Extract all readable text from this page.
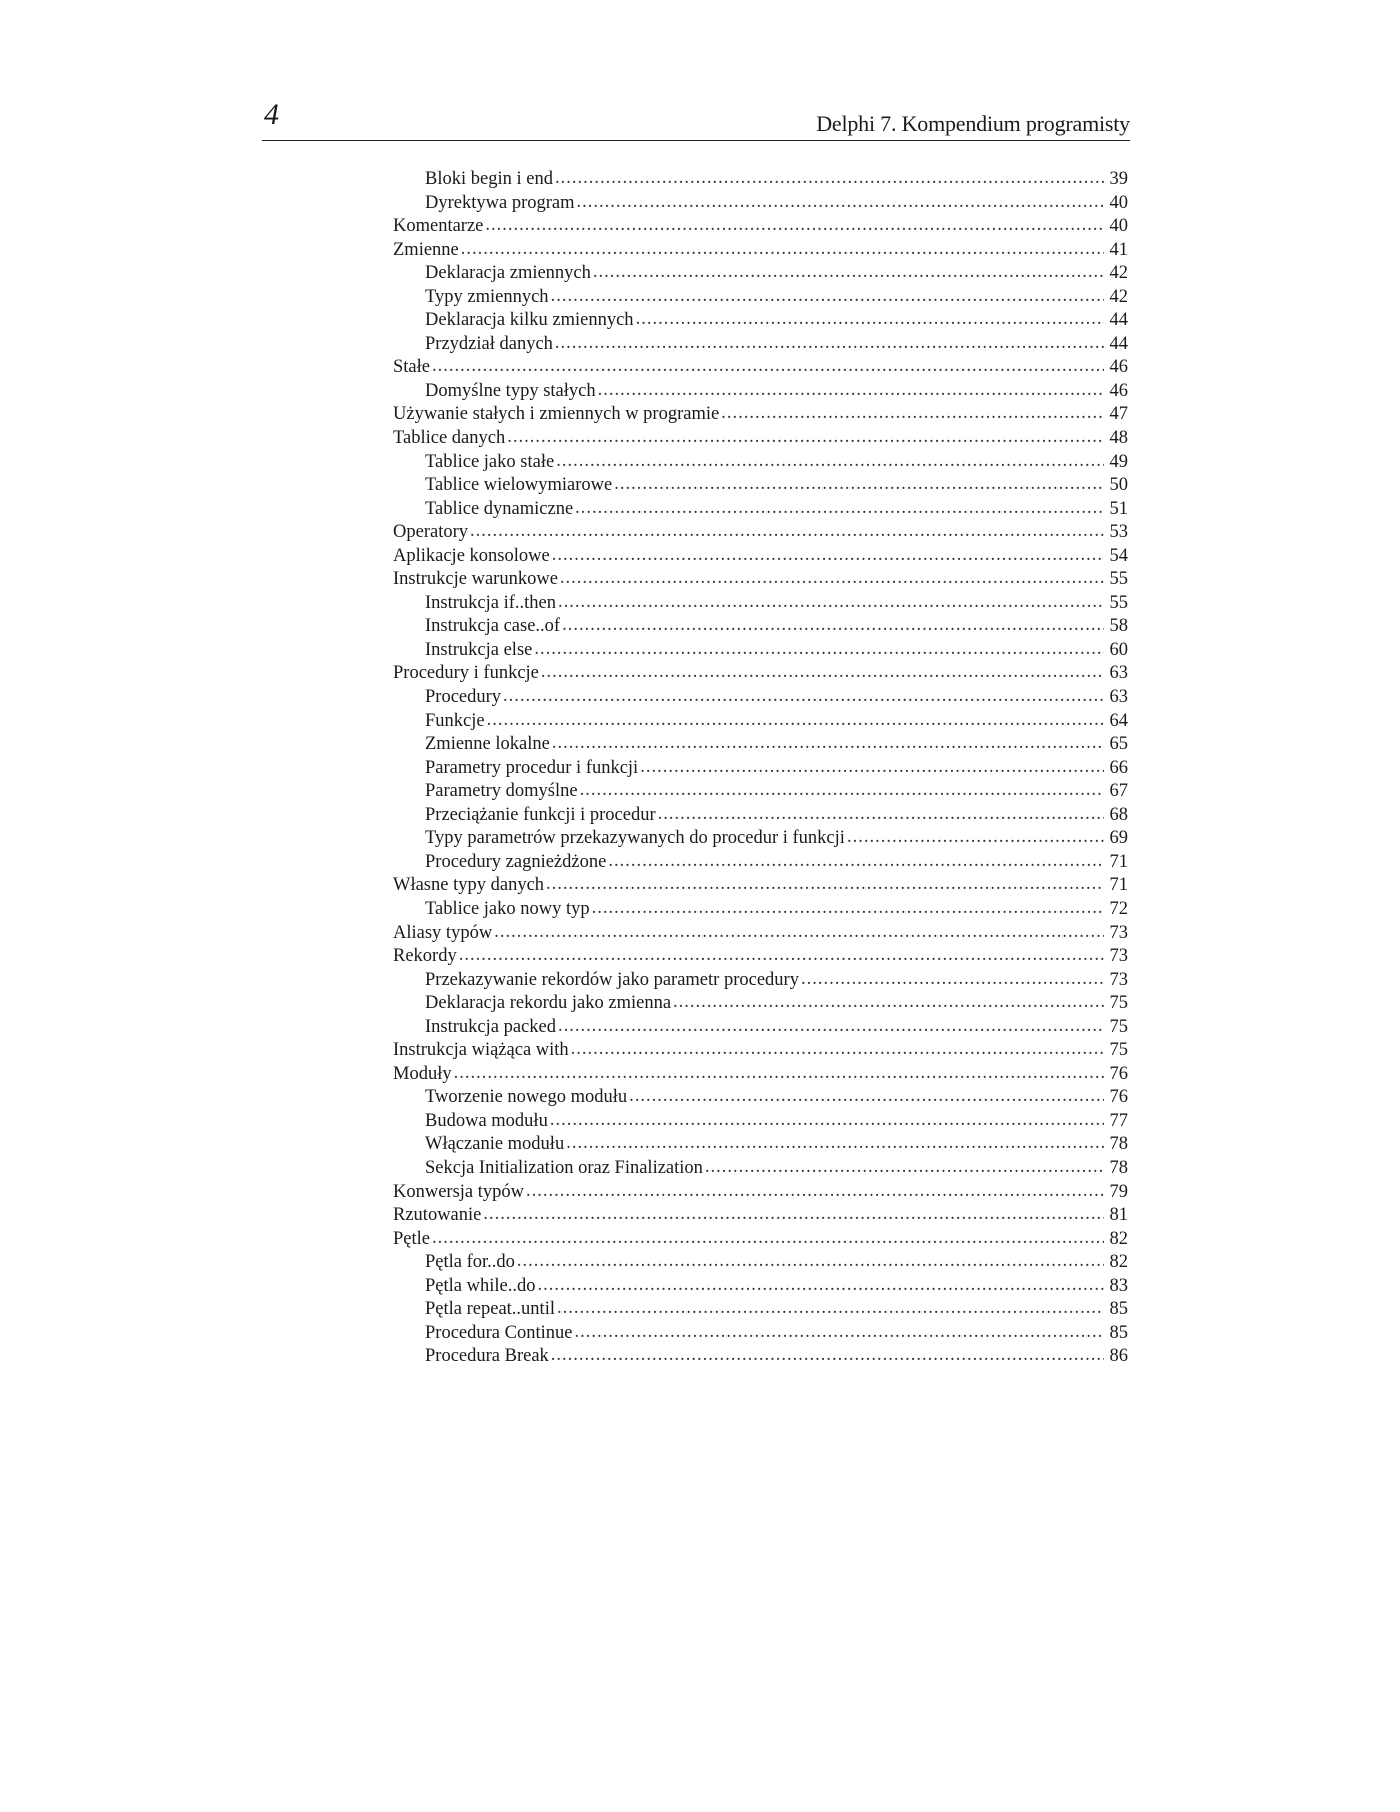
4	Delphi 7. Kompendium programisty
Bloki begin i end .....	39
Dyrektywa program .....	40
Komentarze .....	40
Zmienne .....	41
Deklaracja zmiennych .....	42
Typy zmiennych .....	42
Deklaracja kilku zmiennych .....	44
Przydział danych .....	44
Stałe .....	46
Domyślne typy stałych .....	46
Używanie stałych i zmiennych w programie .....	47
Tablice danych .....	48
Tablice jako stałe .....	49
Tablice wielowymiarowe .....	50
Tablice dynamiczne .....	51
Operatory .....	53
Aplikacje konsolowe .....	54
Instrukcje warunkowe .....	55
Instrukcja if..then .....	55
Instrukcja case..of .....	58
Instrukcja else .....	60
Procedury i funkcje .....	63
Procedury .....	63
Funkcje .....	64
Zmienne lokalne .....	65
Parametry procedur i funkcji .....	66
Parametry domyślne .....	67
Przeciążanie funkcji i procedur .....	68
Typy parametrów przekazywanych do procedur i funkcji .....	69
Procedury zagnieżdżone .....	71
Własne typy danych .....	71
Tablice jako nowy typ .....	72
Aliasy typów .....	73
Rekordy .....	73
Przekazywanie rekordów jako parametr procedury .....	73
Deklaracja rekordu jako zmienna .....	75
Instrukcja packed .....	75
Instrukcja wiążąca with .....	75
Moduły .....	76
Tworzenie nowego modułu .....	76
Budowa modułu .....	77
Włączanie modułu .....	78
Sekcja Initialization oraz Finalization .....	78
Konwersja typów .....	79
Rzutowanie .....	81
Pętle .....	82
Pętla for..do .....	82
Pętla while..do .....	83
Pętla repeat..until .....	85
Procedura Continue .....	85
Procedura Break .....	86
